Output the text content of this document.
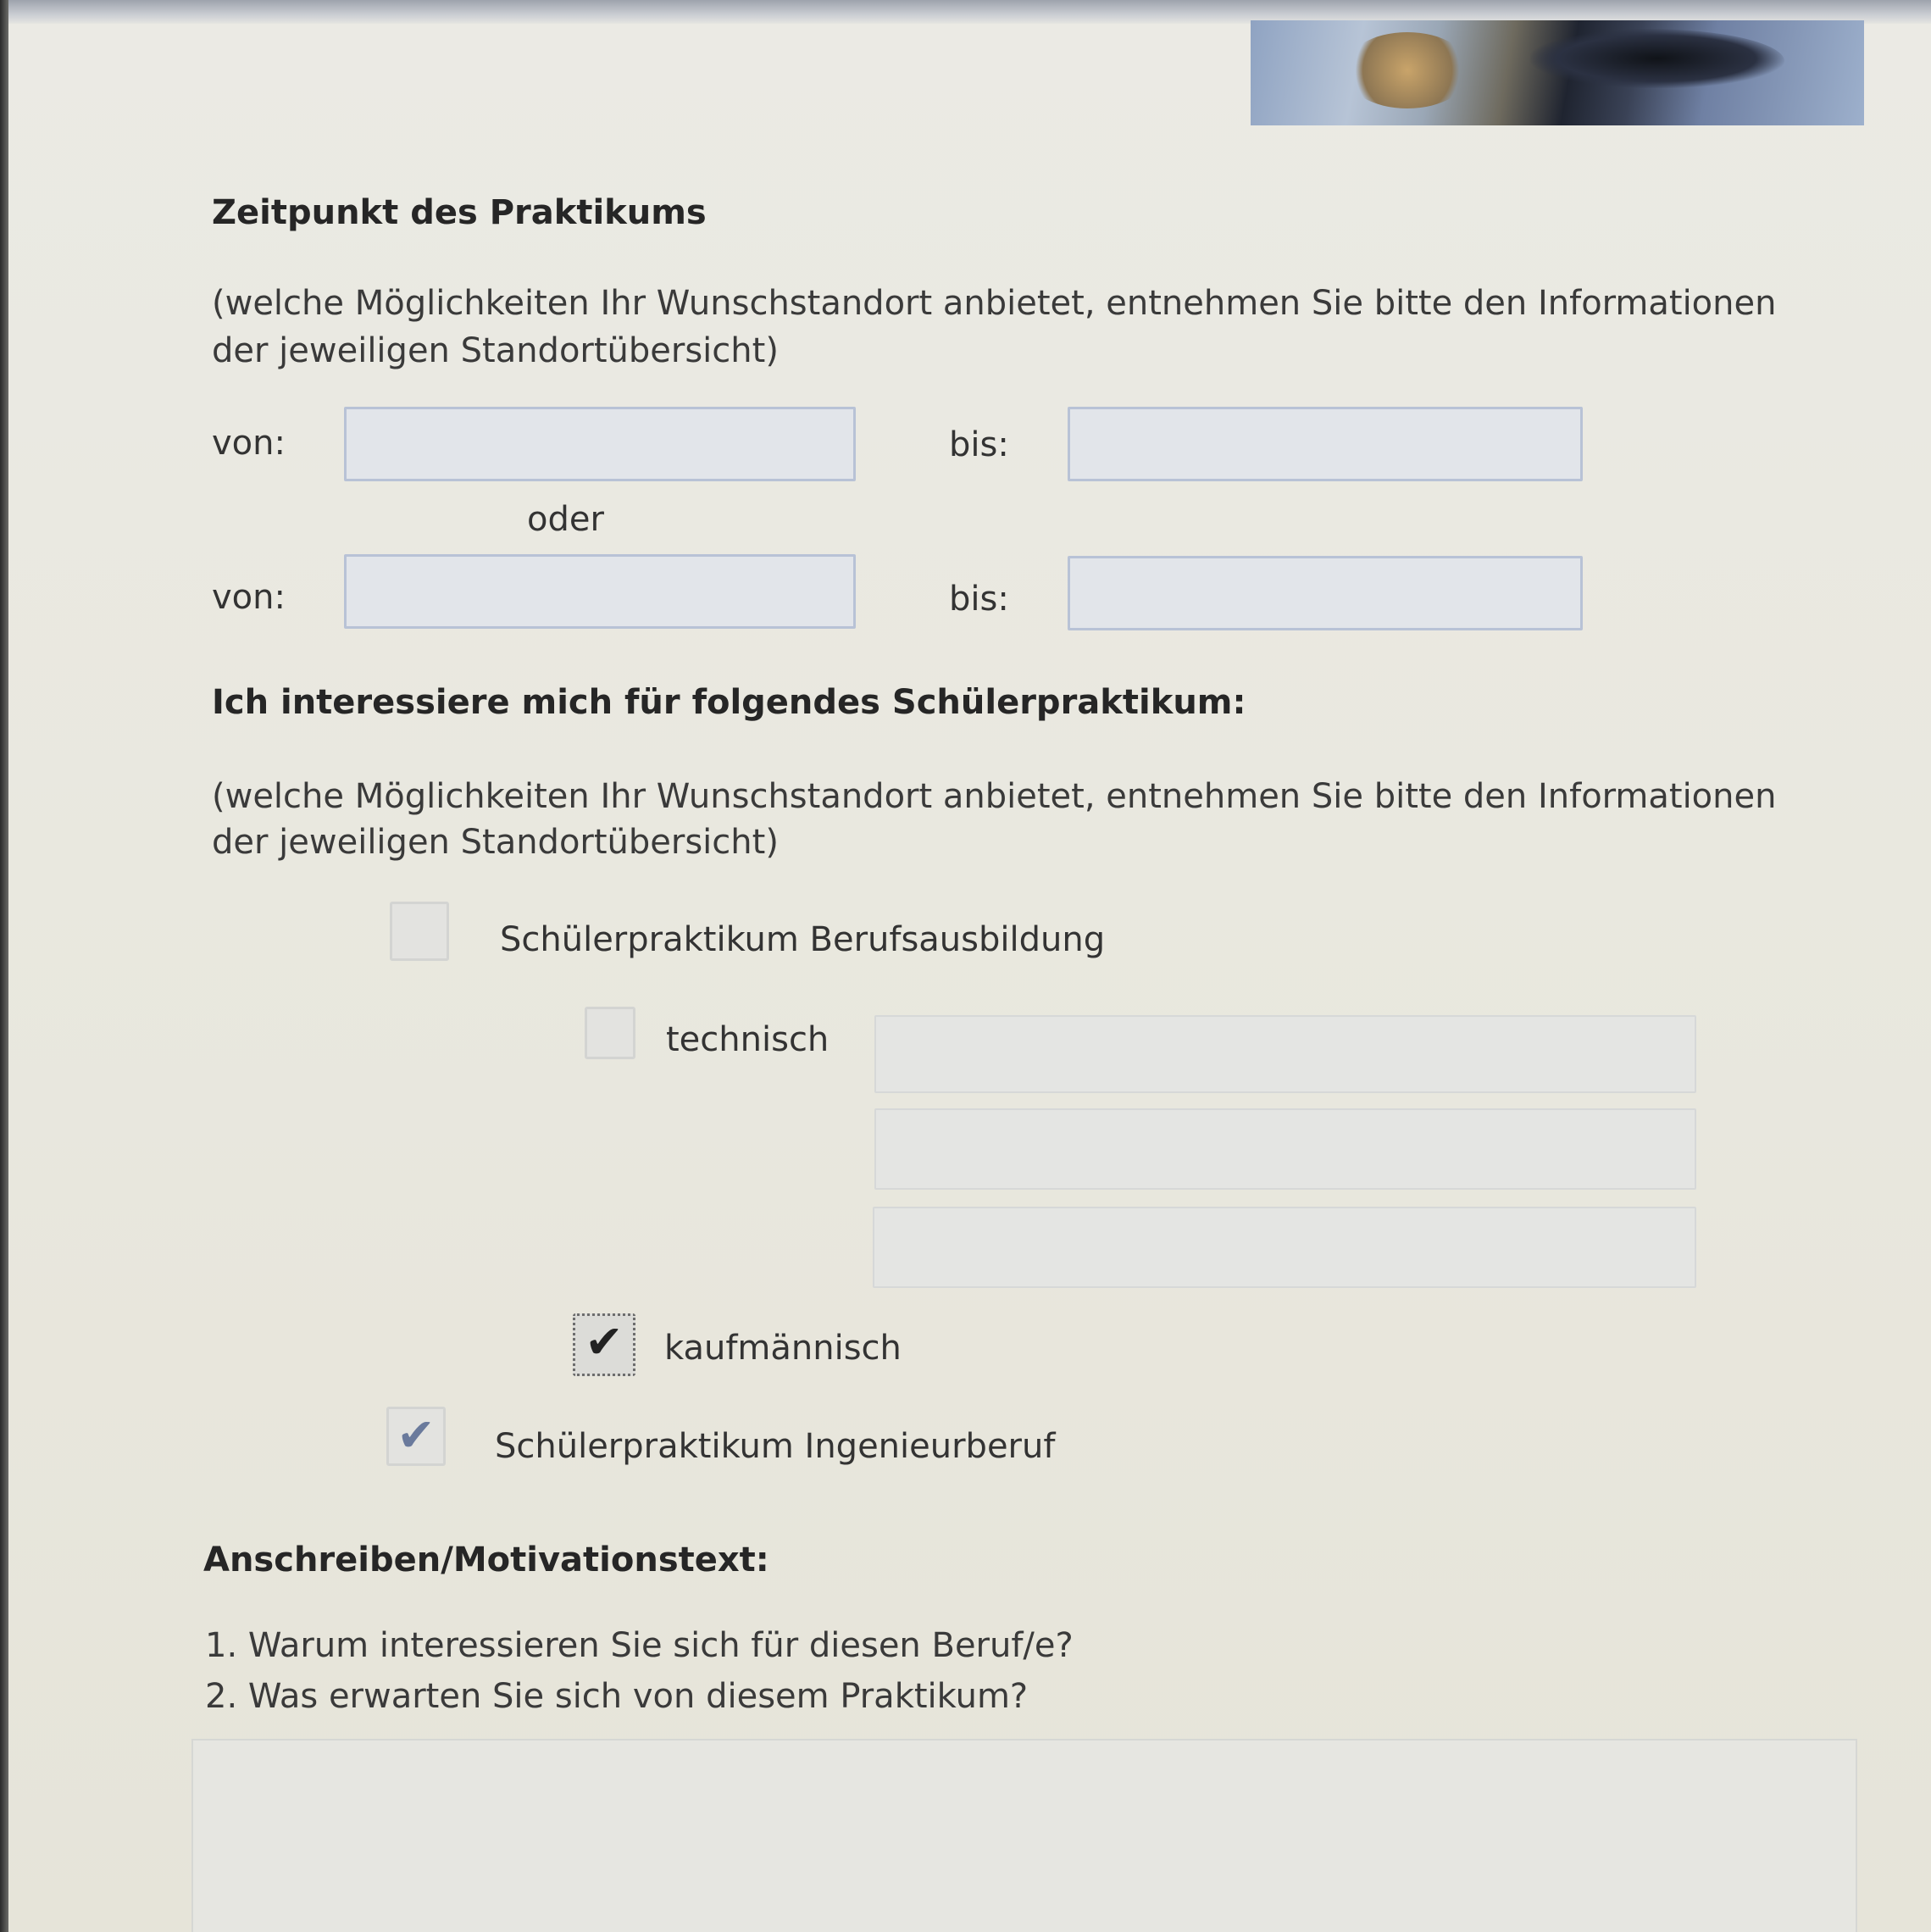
Zeitpunkt des Praktikums
(welche Möglichkeiten Ihr Wunschstandort anbietet, entnehmen Sie bitte den Informationen
der jeweiligen Standortübersicht)
von:	bis:
oder
von:	bis:
Ich interessiere mich für folgendes Schülerpraktikum:
(welche Möglichkeiten Ihr Wunschstandort anbietet, entnehmen Sie bitte den Informationen
der jeweiligen Standortübersicht)
Schülerpraktikum Berufsausbildung
technisch
✔	kaufmännisch
✔	Schülerpraktikum Ingenieurberuf
Anschreiben/Motivationstext:
1. Warum interessieren Sie sich für diesen Beruf/e?
2. Was erwarten Sie sich von diesem Praktikum?
